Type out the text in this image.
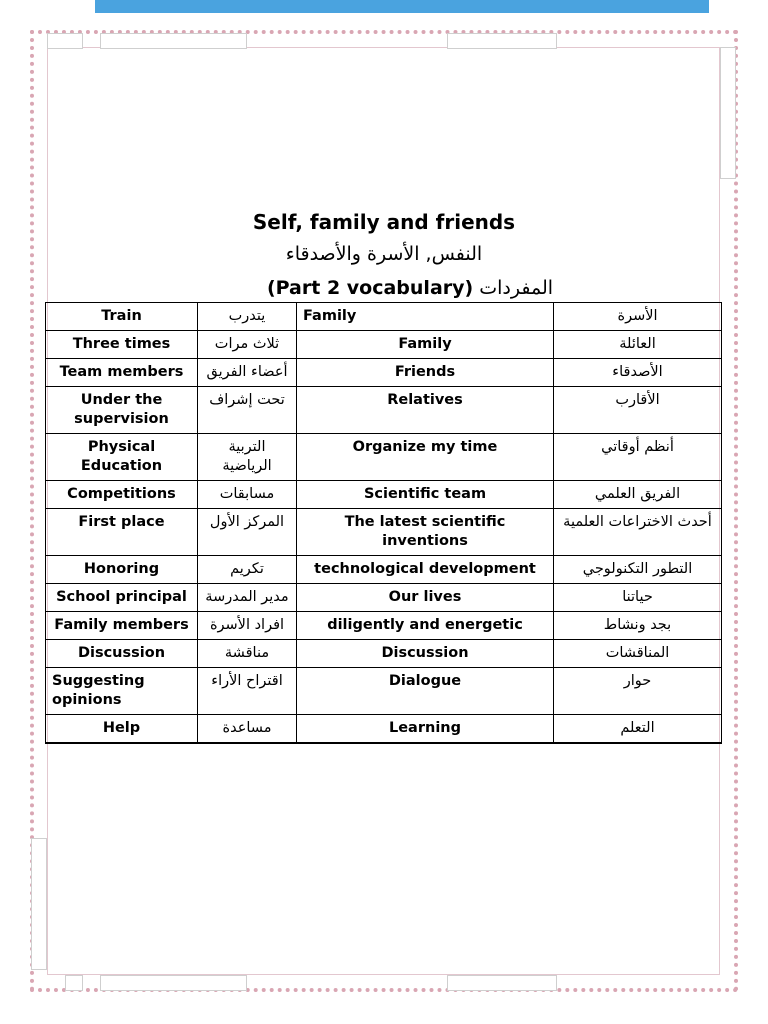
Self, family and friends
النفس, الأسرة والأصدقاء
(Part 2 vocabulary) المفردات
Train	يتدرب	Family	الأسرة
Three times	ثلاث مرات	Family	العائلة
Team members	أعضاء الفريق	Friends	الأصدقاء
Under the supervision	تحت إشراف	Relatives	الأقارب
Physical Education	التربية الرياضية	Organize my time	أنظم أوقاتي
Competitions	مسابقات	Scientific team	الفريق العلمي
First place	المركز الأول	The latest scientific inventions	أحدث الاختراعات العلمية
Honoring	تكريم	technological development	التطور التكنولوجي
School principal	مدير المدرسة	Our lives	حياتنا
Family members	افراد الأسرة	diligently and energetic	بجد ونشاط
Discussion	مناقشة	Discussion	المناقشات
Suggesting opinions	اقتراح الأراء	Dialogue	حوار
Help	مساعدة	Learning	التعلم
